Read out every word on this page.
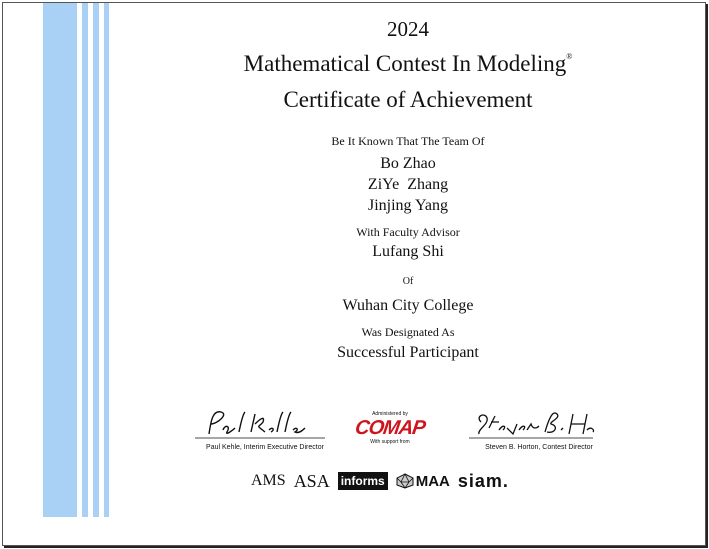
2024
Mathematical Contest In Modeling®
Certificate of Achievement
Be It Known That The Team Of
Bo Zhao
ZiYe  Zhang
Jinjing Yang
With Faculty Advisor
Lufang Shi
Of
Wuhan City College
Was Designated As
Successful Participant
Paul Kehle, Interim Executive Director
Administered by
COMAP
With support from
Steven B. Horton, Contest Director
AMS ASA informs MAA siam.
